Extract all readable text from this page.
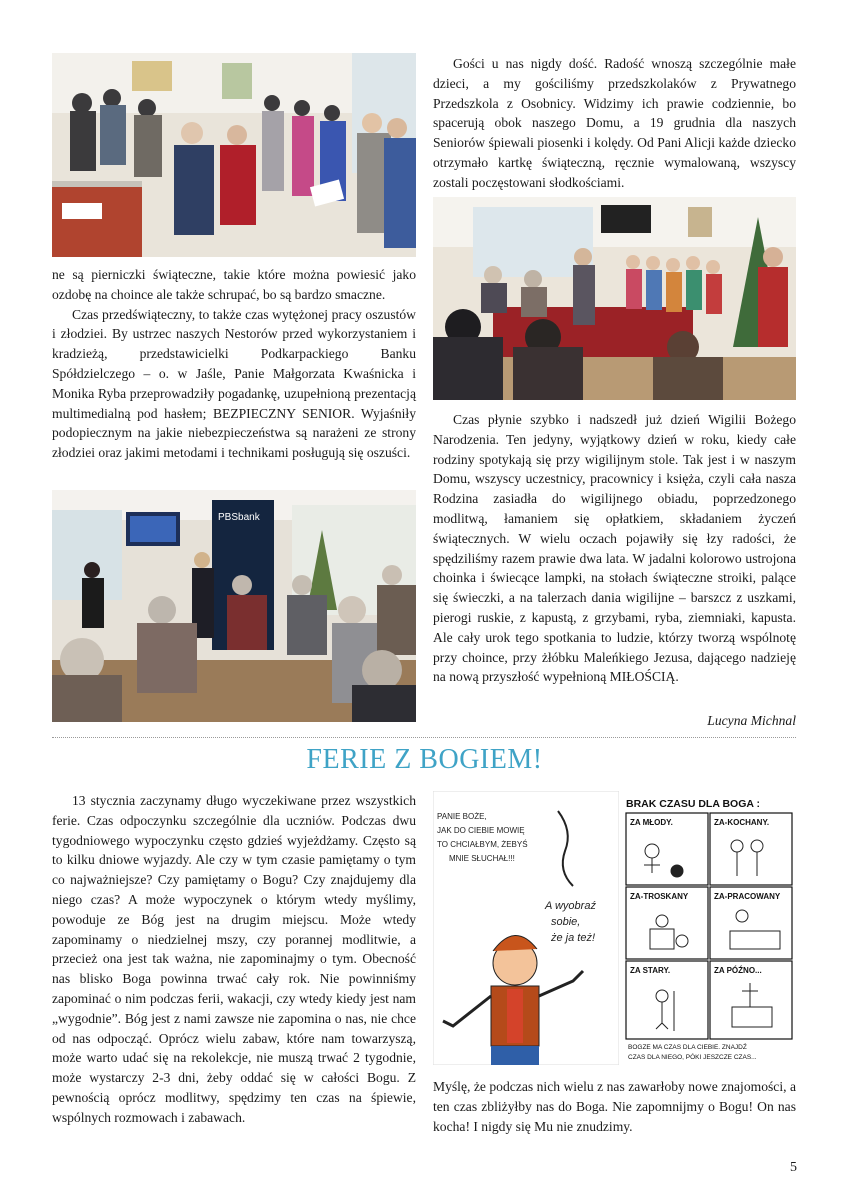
ne są pierniczki świąteczne, takie które można powiesić jako ozdobę na choince ale także schrupać, bo są bardzo smaczne.

Czas przedświąteczny, to także czas wytężonej pracy oszustów i złodziei. By ustrzec naszych Nestorów przed wykorzystaniem i kradzieżą, przedstawicielki Podkarpackiego Banku Spółdzielczego – o. w Jaśle, Panie Małgorzata Kwaśnicka i Monika Ryba przeprowadziły pogadankę, uzupełnioną prezentacją multimedialną pod hasłem; BEZPIECZNY SENIOR. Wyjaśniły podopiecznym na jakie niebezpieczeństwa są narażeni ze strony złodziei oraz jakimi metodami i technikami posługują się oszuści.

PBSbank

Gości u nas nigdy dość. Radość wnoszą szczególnie małe dzieci, a my gościliśmy przedszkolaków z Prywatnego Przedszkola z Osobnicy. Widzimy ich prawie codziennie, bo spacerują obok naszego Domu, a 19 grudnia dla naszych Seniorów śpiewali piosenki i kolędy. Od Pani Alicji każde dziecko otrzymało kartkę świąteczną, ręcznie wymalowaną, wszyscy zostali poczęstowani słodkościami.

Czas płynie szybko i nadszedł już dzień Wigilii Bożego Narodzenia. Ten jedyny, wyjątkowy dzień w roku, kiedy całe rodziny spotykają się przy wigilijnym stole. Tak jest i w naszym Domu, wszyscy uczestnicy, pracownicy i księża, czyli cała nasza Rodzina zasiadła do wigilijnego obiadu, poprzedzonego modlitwą, łamaniem się opłatkiem, składaniem życzeń świątecznych. W wielu oczach pojawiły się łzy radości, że spędziliśmy razem prawie dwa lata. W jadalni kolorowo ustrojona choinka i świecące lampki, na stołach świąteczne stroiki, palące się świeczki, a na talerzach dania wigilijne – barszcz z uszkami, pierogi ruskie, z kapustą, z grzybami, ryba, ziemniaki, kapusta. Ale cały urok tego spotkania to ludzie, którzy tworzą wspólnotę przy choince, przy żłóbku Maleńkiego Jezusa, dającego nadzieję na nową przyszłość wypełnioną MIŁOŚCIĄ.

Lucyna Michnal
FERIE Z BOGIEM!

13 stycznia zaczynamy długo wyczekiwane przez wszystkich ferie. Czas odpoczynku szczególnie dla uczniów. Podczas dwu tygodniowego wypoczynku często gdzieś wyjeżdżamy. Często są to kilku dniowe wyjazdy. Ale czy w tym czasie pamiętamy o tym co najważniejsze? Czy pamiętamy o Bogu? Czy znajdujemy dla niego czas? A może wypoczynek o którym wtedy myślimy, powoduje ze Bóg jest na drugim miejscu. Może wtedy zapominamy o niedzielnej mszy, czy porannej modlitwie, a przecież ona jest tak ważna, nie zapominajmy o tym. Obecność nas blisko Boga powinna trwać cały rok. Nie powinniśmy zapominać o nim podczas ferii, wakacji, czy wtedy kiedy jest nam „wygodnie”. Bóg jest z nami zawsze nie zapomina o nas, nie chce od nas odpocząć. Oprócz wielu zabaw, które nam towarzyszą, może warto udać się na rekolekcje, nie muszą trwać 2 tygodnie, może wystarczy 2-3 dni, żeby oddać się w całości Bogu. Z pewnością oprócz modlitwy, spędzimy ten czas na śpiewie, wspólnych rozmowach i zabawach.

PANIE BOŻE,
JAK DO CIEBIE MOWIĘ
TO CHCIAŁBYM, ŻEBYŚ
MNIE SŁUCHAŁ!!!
A wyobraź
sobie,
że ja też!
BRAK CZASU DLA BOGA :
ZA MŁODY.	ZA-KOCHANY.
ZA-TROSKANY	ZA-PRACOWANY
ZA STARY.	ZA PÓŹNO...
BOGZE MA CZAS DLA CIEBIE. ZNAJDŹ
CZAS DLA NIEGO, PÓKI JESZCZE CZAS...

Myślę, że podczas nich wielu z nas zawarłoby nowe znajomości, a ten czas zbliżyłby nas do Boga. Nie zapomnijmy o Bogu! On nas kocha! I nigdy się Mu nie znudzimy.

5
